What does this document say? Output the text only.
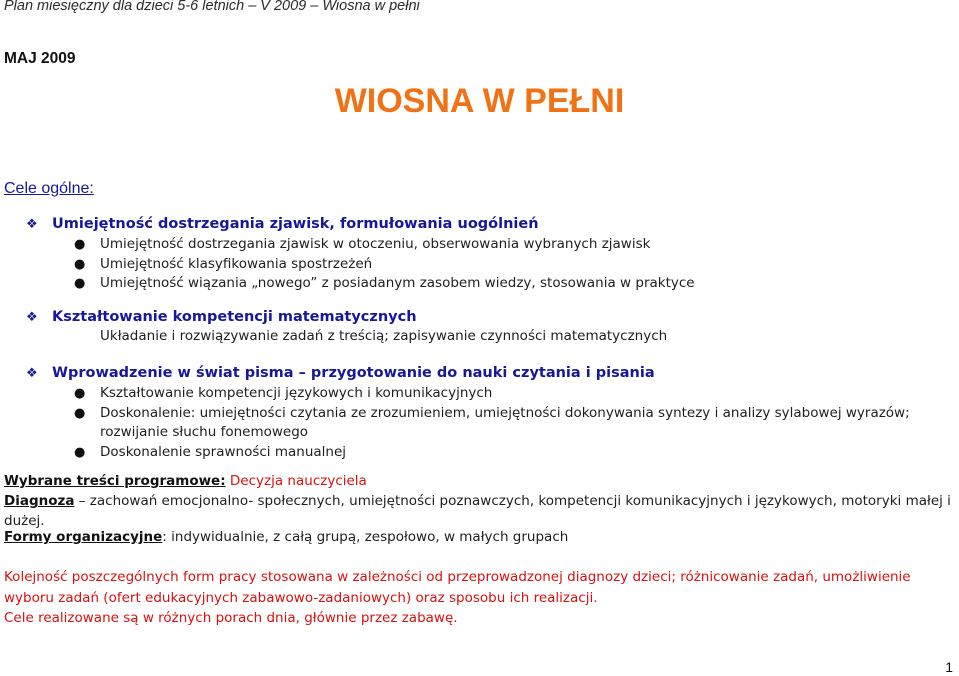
Plan miesięczny dla dzieci 5-6 letnich – V 2009 – Wiosna w pełni
MAJ 2009
WIOSNA W PEŁNI
Cele ogólne:
❖ Umiejętność dostrzegania zjawisk, formułowania uogólnień
● Umiejętność dostrzegania zjawisk w otoczeniu, obserwowania wybranych zjawisk
● Umiejętność klasyfikowania spostrzeżeń
● Umiejętność wiązania „nowego” z posiadanym zasobem wiedzy, stosowania w praktyce
❖ Kształtowanie kompetencji matematycznych
Układanie i rozwiązywanie zadań z treścią; zapisywanie czynności matematycznych
❖ Wprowadzenie w świat pisma – przygotowanie do nauki czytania i pisania
● Kształtowanie kompetencji językowych i komunikacyjnych
● Doskonalenie: umiejętności czytania ze zrozumieniem, umiejętności dokonywania syntezy i analizy sylabowej wyrazów; rozwijanie słuchu fonemowego
● Doskonalenie sprawności manualnej
Wybrane treści programowe: Decyzja nauczyciela
Diagnoza – zachowań emocjonalno- społecznych, umiejętności poznawczych, kompetencji komunikacyjnych i językowych, motoryki małej i dużej.
Formy organizacyjne: indywidualnie, z całą grupą, zespołowo, w małych grupach
Kolejność poszczególnych form pracy stosowana w zależności od przeprowadzonej diagnozy dzieci; różnicowanie zadań, umożliwienie wyboru zadań (ofert edukacyjnych zabawowo-zadaniowych) oraz sposobu ich realizacji.
Cele realizowane są w różnych porach dnia, głównie przez zabawę.
1
